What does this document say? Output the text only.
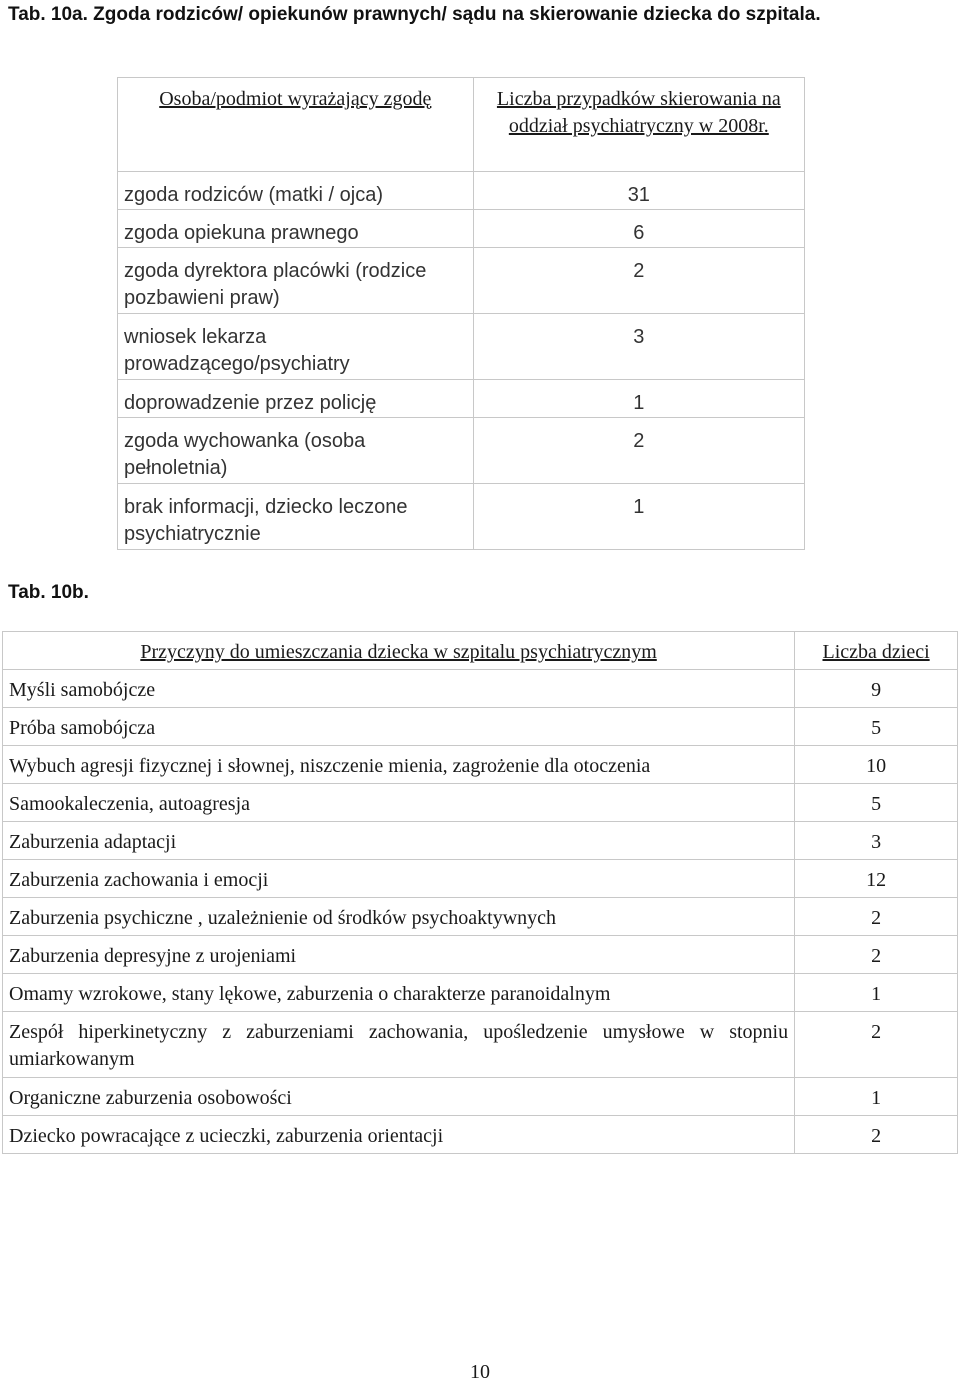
Tab. 10a. Zgoda rodziców/ opiekunów prawnych/ sądu na skierowanie dziecka do szpitala.
Osoba/podmiot wyrażający zgodę	Liczba przypadków skierowania na oddział psychiatryczny w 2008r.

zgoda rodziców (matki / ojca)	31

zgoda opiekuna prawnego	6

zgoda dyrektora placówki (rodzice pozbawieni praw)	2

wniosek lekarza prowadzącego/psychiatry	3

doprowadzenie przez policję	1

zgoda wychowanka (osoba pełnoletnia)	2

brak informacji, dziecko leczone psychiatrycznie	1
Tab. 10b.
Przyczyny do umieszczania dziecka w szpitalu psychiatrycznym	Liczba dzieci

Myśli samobójcze	9

Próba samobójcza	5

Wybuch agresji fizycznej i słownej, niszczenie mienia, zagrożenie dla otoczenia	10

Samookaleczenia, autoagresja	5

Zaburzenia adaptacji	3

Zaburzenia zachowania i emocji	12

Zaburzenia psychiczne , uzależnienie od środków psychoaktywnych	2

Zaburzenia depresyjne z urojeniami	2

Omamy wzrokowe, stany lękowe, zaburzenia o charakterze paranoidalnym	1

Zespół hiperkinetyczny z zaburzeniami zachowania, upośledzenie umysłowe w stopniu umiarkowanym	2

Organiczne zaburzenia osobowości	1

Dziecko powracające z ucieczki, zaburzenia orientacji	2
10
